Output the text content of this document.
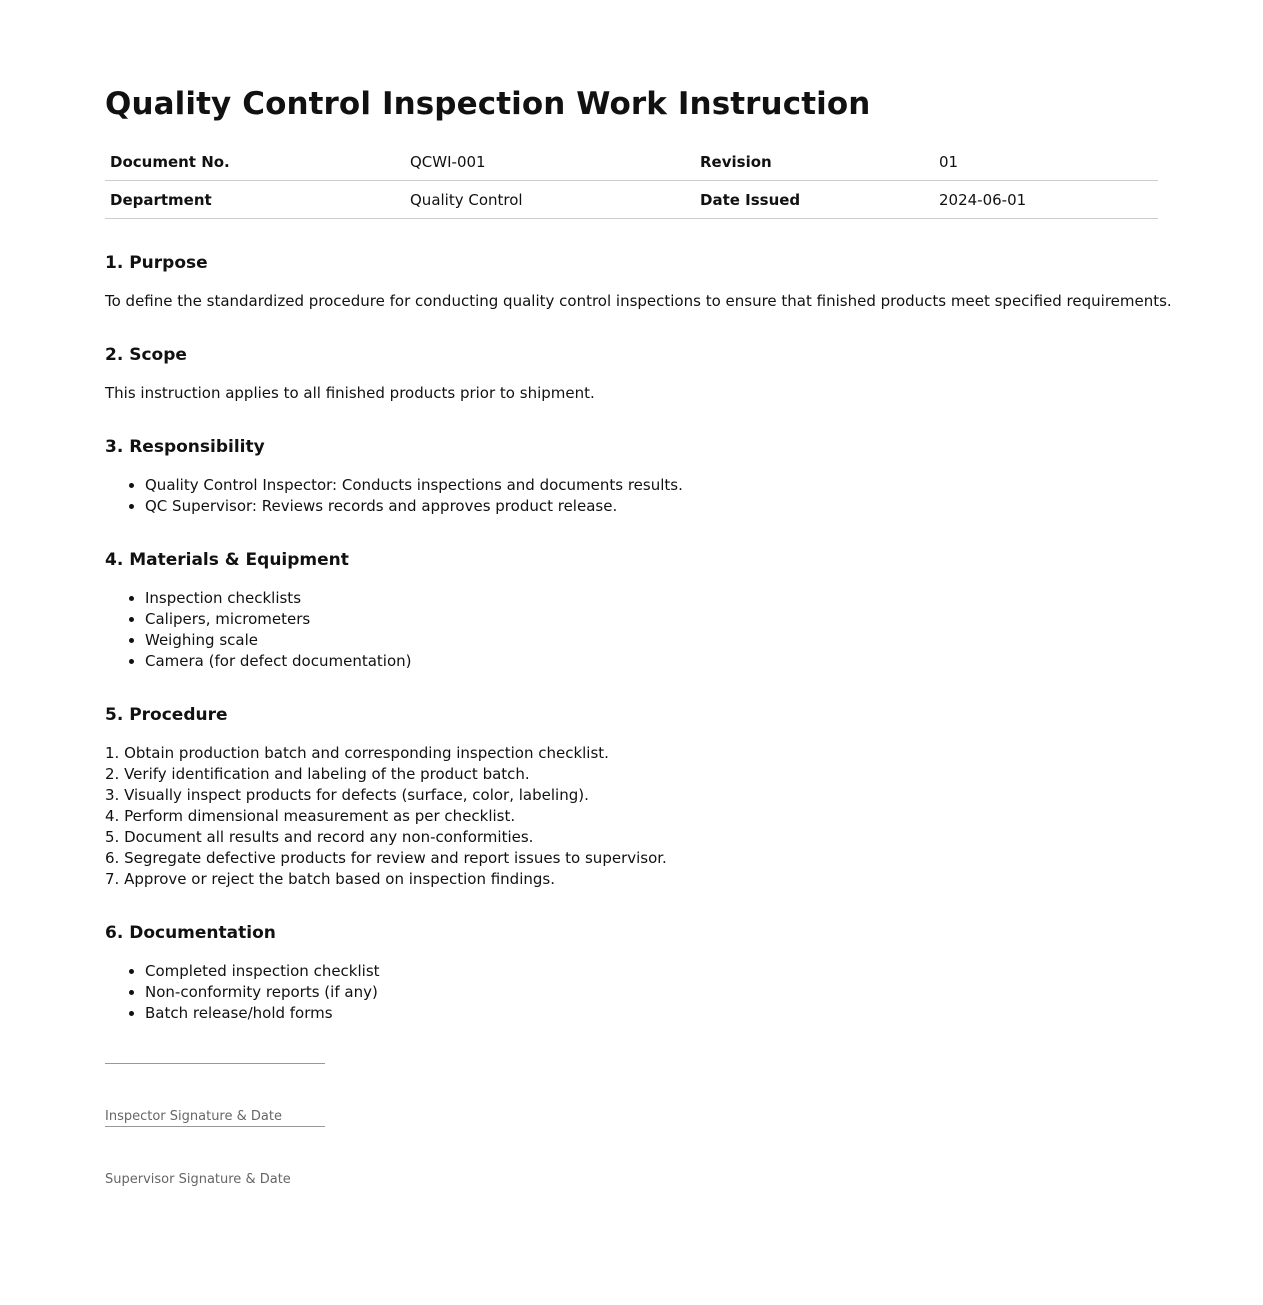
Quality Control Inspection Work Instruction
Document No.	QCWI-001	Revision	01
Department	Quality Control	Date Issued	2024-06-01
1. Purpose

To define the standardized procedure for conducting quality control inspections to ensure that finished products meet specified requirements.

2. Scope

This instruction applies to all finished products prior to shipment.

3. Responsibility
• Quality Control Inspector: Conducts inspections and documents results.
• QC Supervisor: Reviews records and approves product release.
4. Materials & Equipment
• Inspection checklists
• Calipers, micrometers
• Weighing scale
• Camera (for defect documentation)
5. Procedure
1. Obtain production batch and corresponding inspection checklist.
2. Verify identification and labeling of the product batch.
3. Visually inspect products for defects (surface, color, labeling).
4. Perform dimensional measurement as per checklist.
5. Document all results and record any non-conformities.
6. Segregate defective products for review and report issues to supervisor.
7. Approve or reject the batch based on inspection findings.
6. Documentation
• Completed inspection checklist
• Non-conformity reports (if any)
• Batch release/hold forms
Inspector Signature & Date
Supervisor Signature & Date
